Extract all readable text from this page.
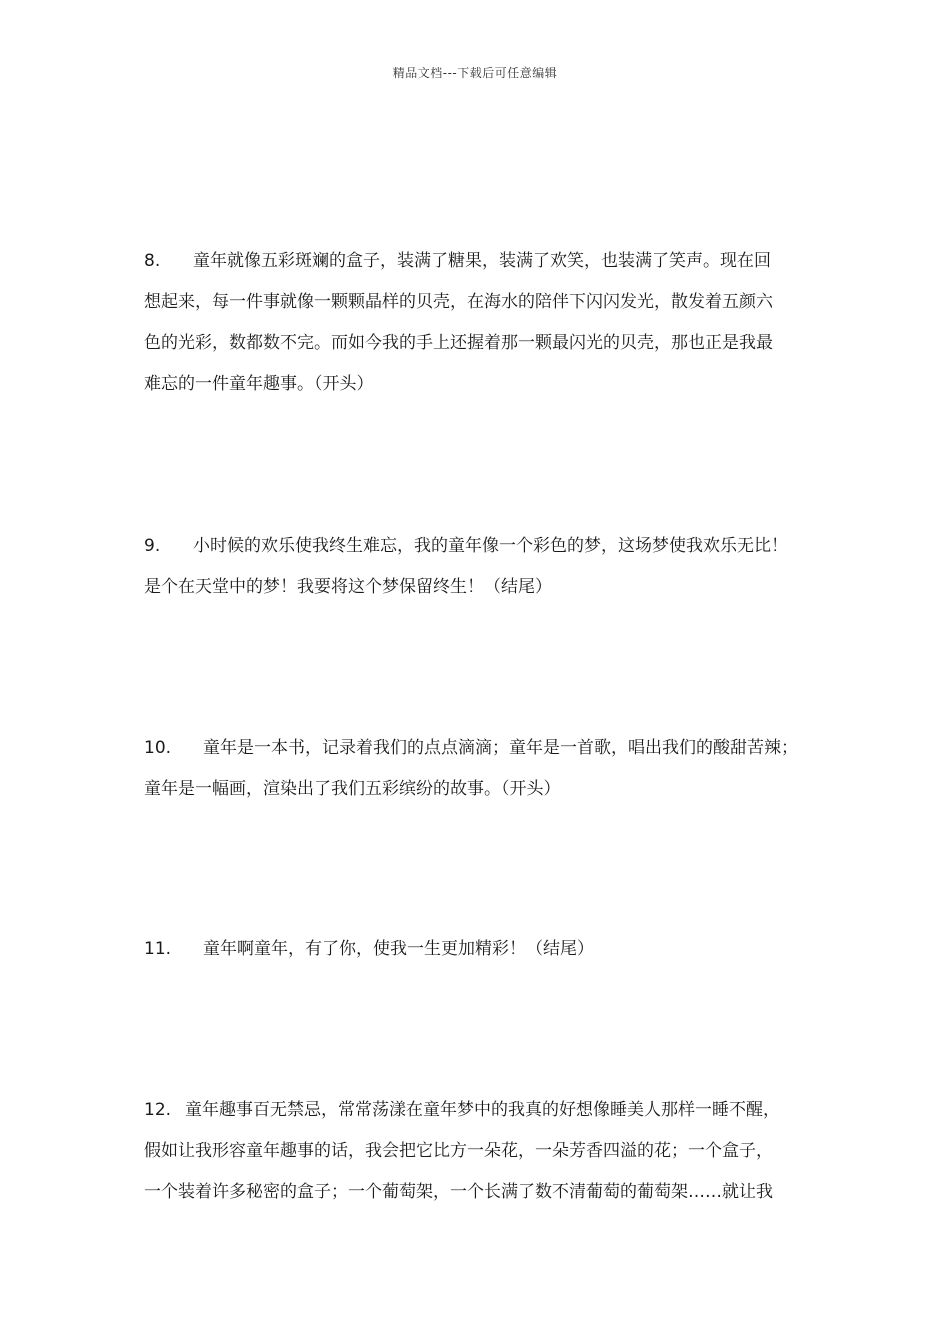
精品文档---下载后可任意编辑
8. 童年就像五彩斑斓的盒子，装满了糖果，装满了欢笑，也装满了笑声。现在回
想起来，每一件事就像一颗颗晶样的贝壳，在海水的陪伴下闪闪发光，散发着五颜六
色的光彩，数都数不完。而如今我的手上还握着那一颗最闪光的贝壳，那也正是我最
难忘的一件童年趣事。（开头）
9. 小时候的欢乐使我终生难忘，我的童年像一个彩色的梦，这场梦使我欢乐无比！
是个在天堂中的梦！我要将这个梦保留终生！（结尾）
10. 童年是一本书，记录着我们的点点滴滴；童年是一首歌，唱出我们的酸甜苦辣；
童年是一幅画，渲染出了我们五彩缤纷的故事。（开头）
11. 童年啊童年，有了你，使我一生更加精彩！（结尾）
12. 童年趣事百无禁忌，常常荡漾在童年梦中的我真的好想像睡美人那样一睡不醒，
假如让我形容童年趣事的话，我会把它比方一朵花，一朵芳香四溢的花；一个盒子，
一个装着许多秘密的盒子；一个葡萄架，一个长满了数不清葡萄的葡萄架……就让我
